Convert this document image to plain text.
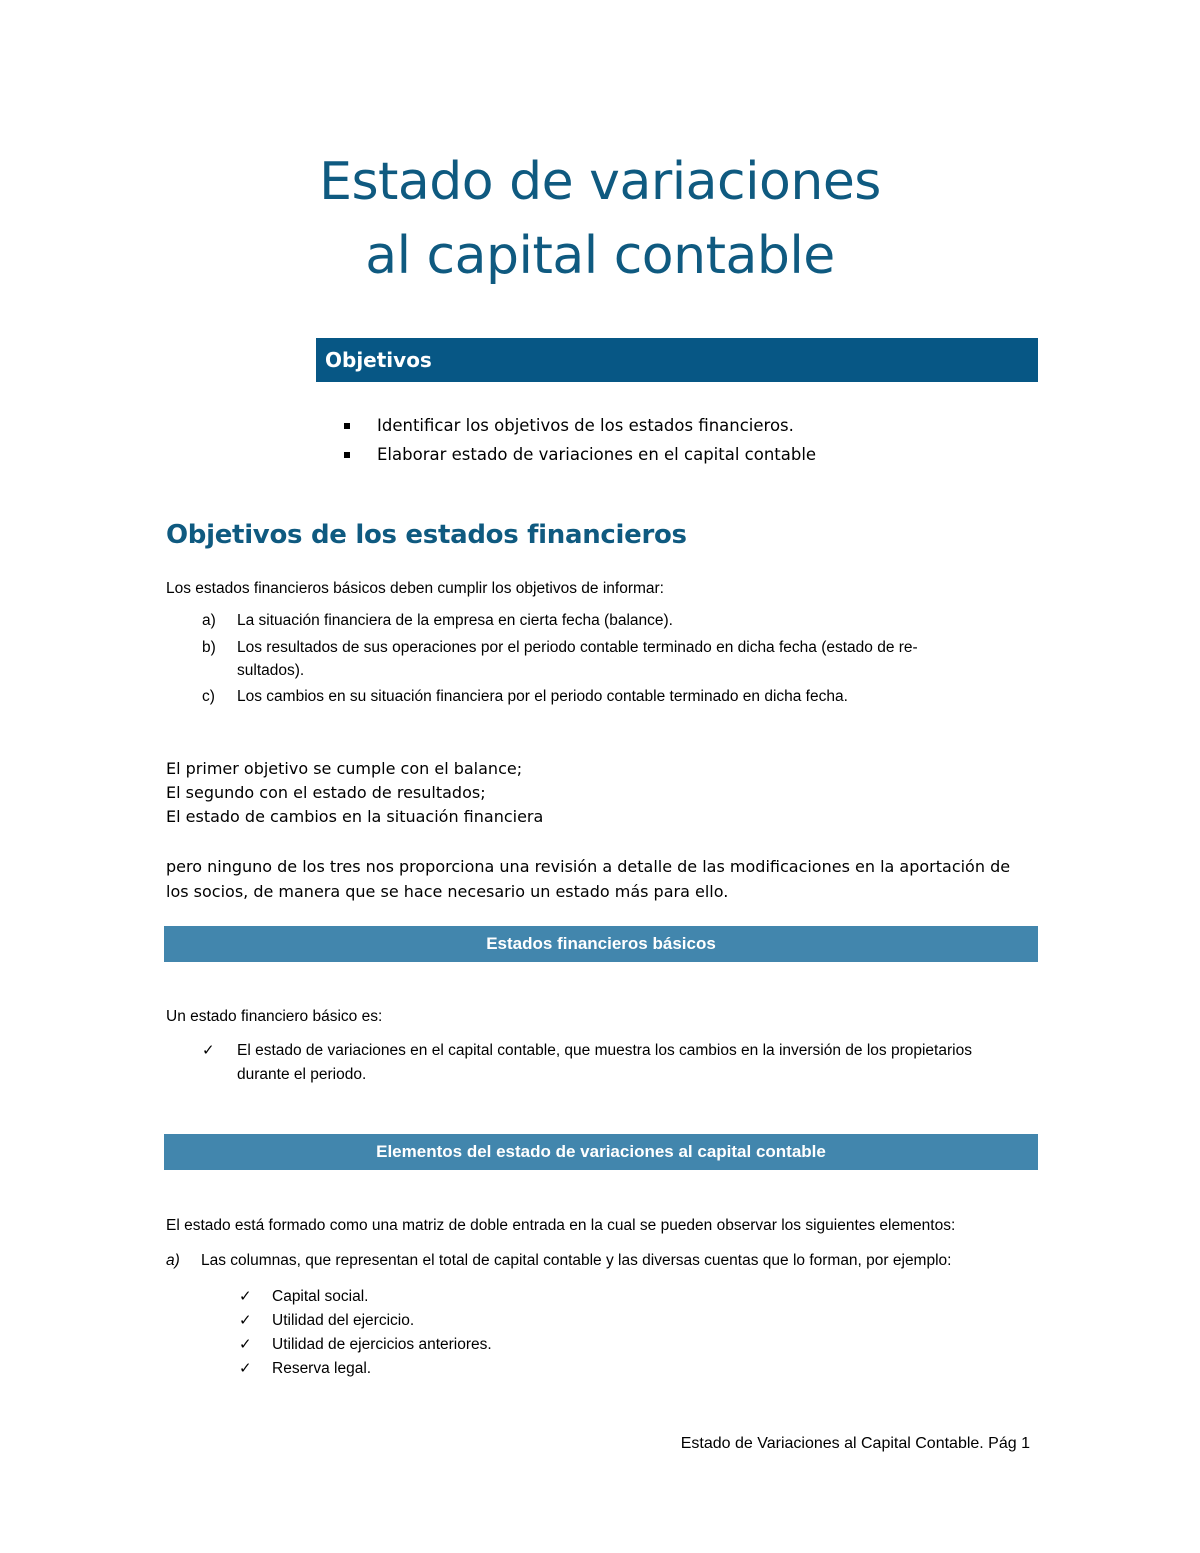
Estado de variaciones
al capital contable
Objetivos
Identificar los objetivos de los estados financieros.
Elaborar estado de variaciones en el capital contable
Objetivos de los estados financieros
Los estados financieros básicos deben cumplir los objetivos de informar:
a) La situación financiera de la empresa en cierta fecha (balance).
b) Los resultados de sus operaciones por el periodo contable terminado en dicha fecha (estado de re-
sultados).
c) Los cambios en su situación financiera por el periodo contable terminado en dicha fecha.
El primer objetivo se cumple con el balance;
El segundo con el estado de resultados;
El estado de cambios en la situación financiera
pero ninguno de los tres nos proporciona una revisión a detalle de las modificaciones en la aportación de
los socios, de manera que se hace necesario un estado más para ello.
Estados financieros básicos
Un estado financiero básico es:
✓ El estado de variaciones en el capital contable, que muestra los cambios en la inversión de los propietarios
durante el periodo.
Elementos del estado de variaciones al capital contable
El estado está formado como una matriz de doble entrada en la cual se pueden observar los siguientes elementos:
a) Las columnas, que representan el total de capital contable y las diversas cuentas que lo forman, por ejemplo:
✓ Capital social.
✓ Utilidad del ejercicio.
✓ Utilidad de ejercicios anteriores.
✓ Reserva legal.
Estado de Variaciones al Capital Contable. Pág 1
